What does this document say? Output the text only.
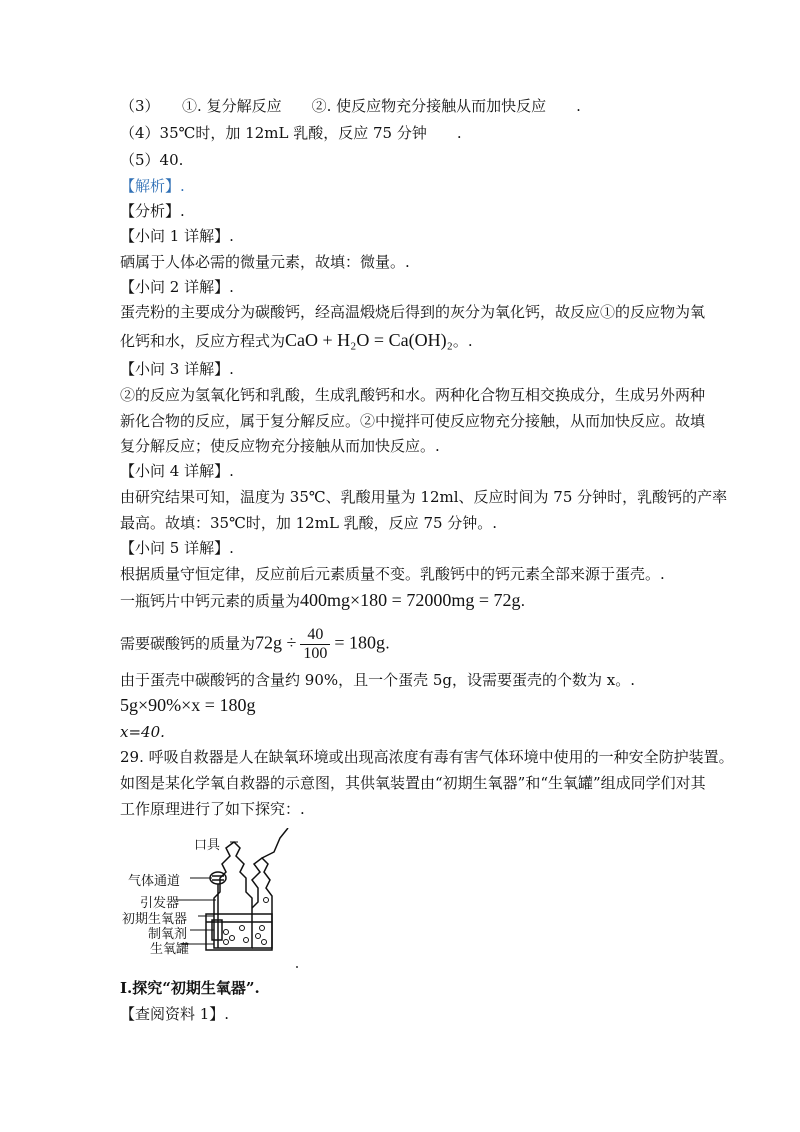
（3）　　①. 复分解反应　　②. 使反应物充分接触从而加快反应　　.
（4）35℃时，加 12mL 乳酸，反应 75 分钟　　.
（5）40.
【解析】.
【分析】.
【小问 1 详解】.
硒属于人体必需的微量元素，故填：微量。.
【小问 2 详解】.
蛋壳粉的主要成分为碳酸钙，经高温煅烧后得到的灰分为氧化钙，故反应①的反应物为氧
化钙和水，反应方程式为CaO + H₂O = Ca(OH)₂。.
【小问 3 详解】.
②的反应为氢氧化钙和乳酸，生成乳酸钙和水。两种化合物互相交换成分，生成另外两种
新化合物的反应，属于复分解反应。②中搅拌可使反应物充分接触，从而加快反应。故填
复分解反应；使反应物充分接触从而加快反应。.
【小问 4 详解】.
由研究结果可知，温度为 35℃、乳酸用量为 12ml、反应时间为 75 分钟时，乳酸钙的产率
最高。故填：35℃时，加 12mL 乳酸，反应 75 分钟。.
【小问 5 详解】.
根据质量守恒定律，反应前后元素质量不变。乳酸钙中的钙元素全部来源于蛋壳。.
一瓶钙片中钙元素的质量为400mg×180 = 72000mg = 72g.
需要碳酸钙的质量为$72g \div \frac{40}{100} = 180g$.
由于蛋壳中碳酸钙的含量约 90%，且一个蛋壳 5g，设需要蛋壳的个数为 x。.
5g×90%×x = 180g
x=40.
29. 呼吸自救器是人在缺氧环境或出现高浓度有毒有害气体环境中使用的一种安全防护装置。
如图是某化学氧自救器的示意图，其供氧装置由“初期生氧器”和“生氧罐”组成同学们对其
工作原理进行了如下探究：.
口具
气体通道
引发器
初期生氧器
制氧剂
生氧罐
Ⅰ.探究“初期生氧器”.
【查阅资料 1】.
